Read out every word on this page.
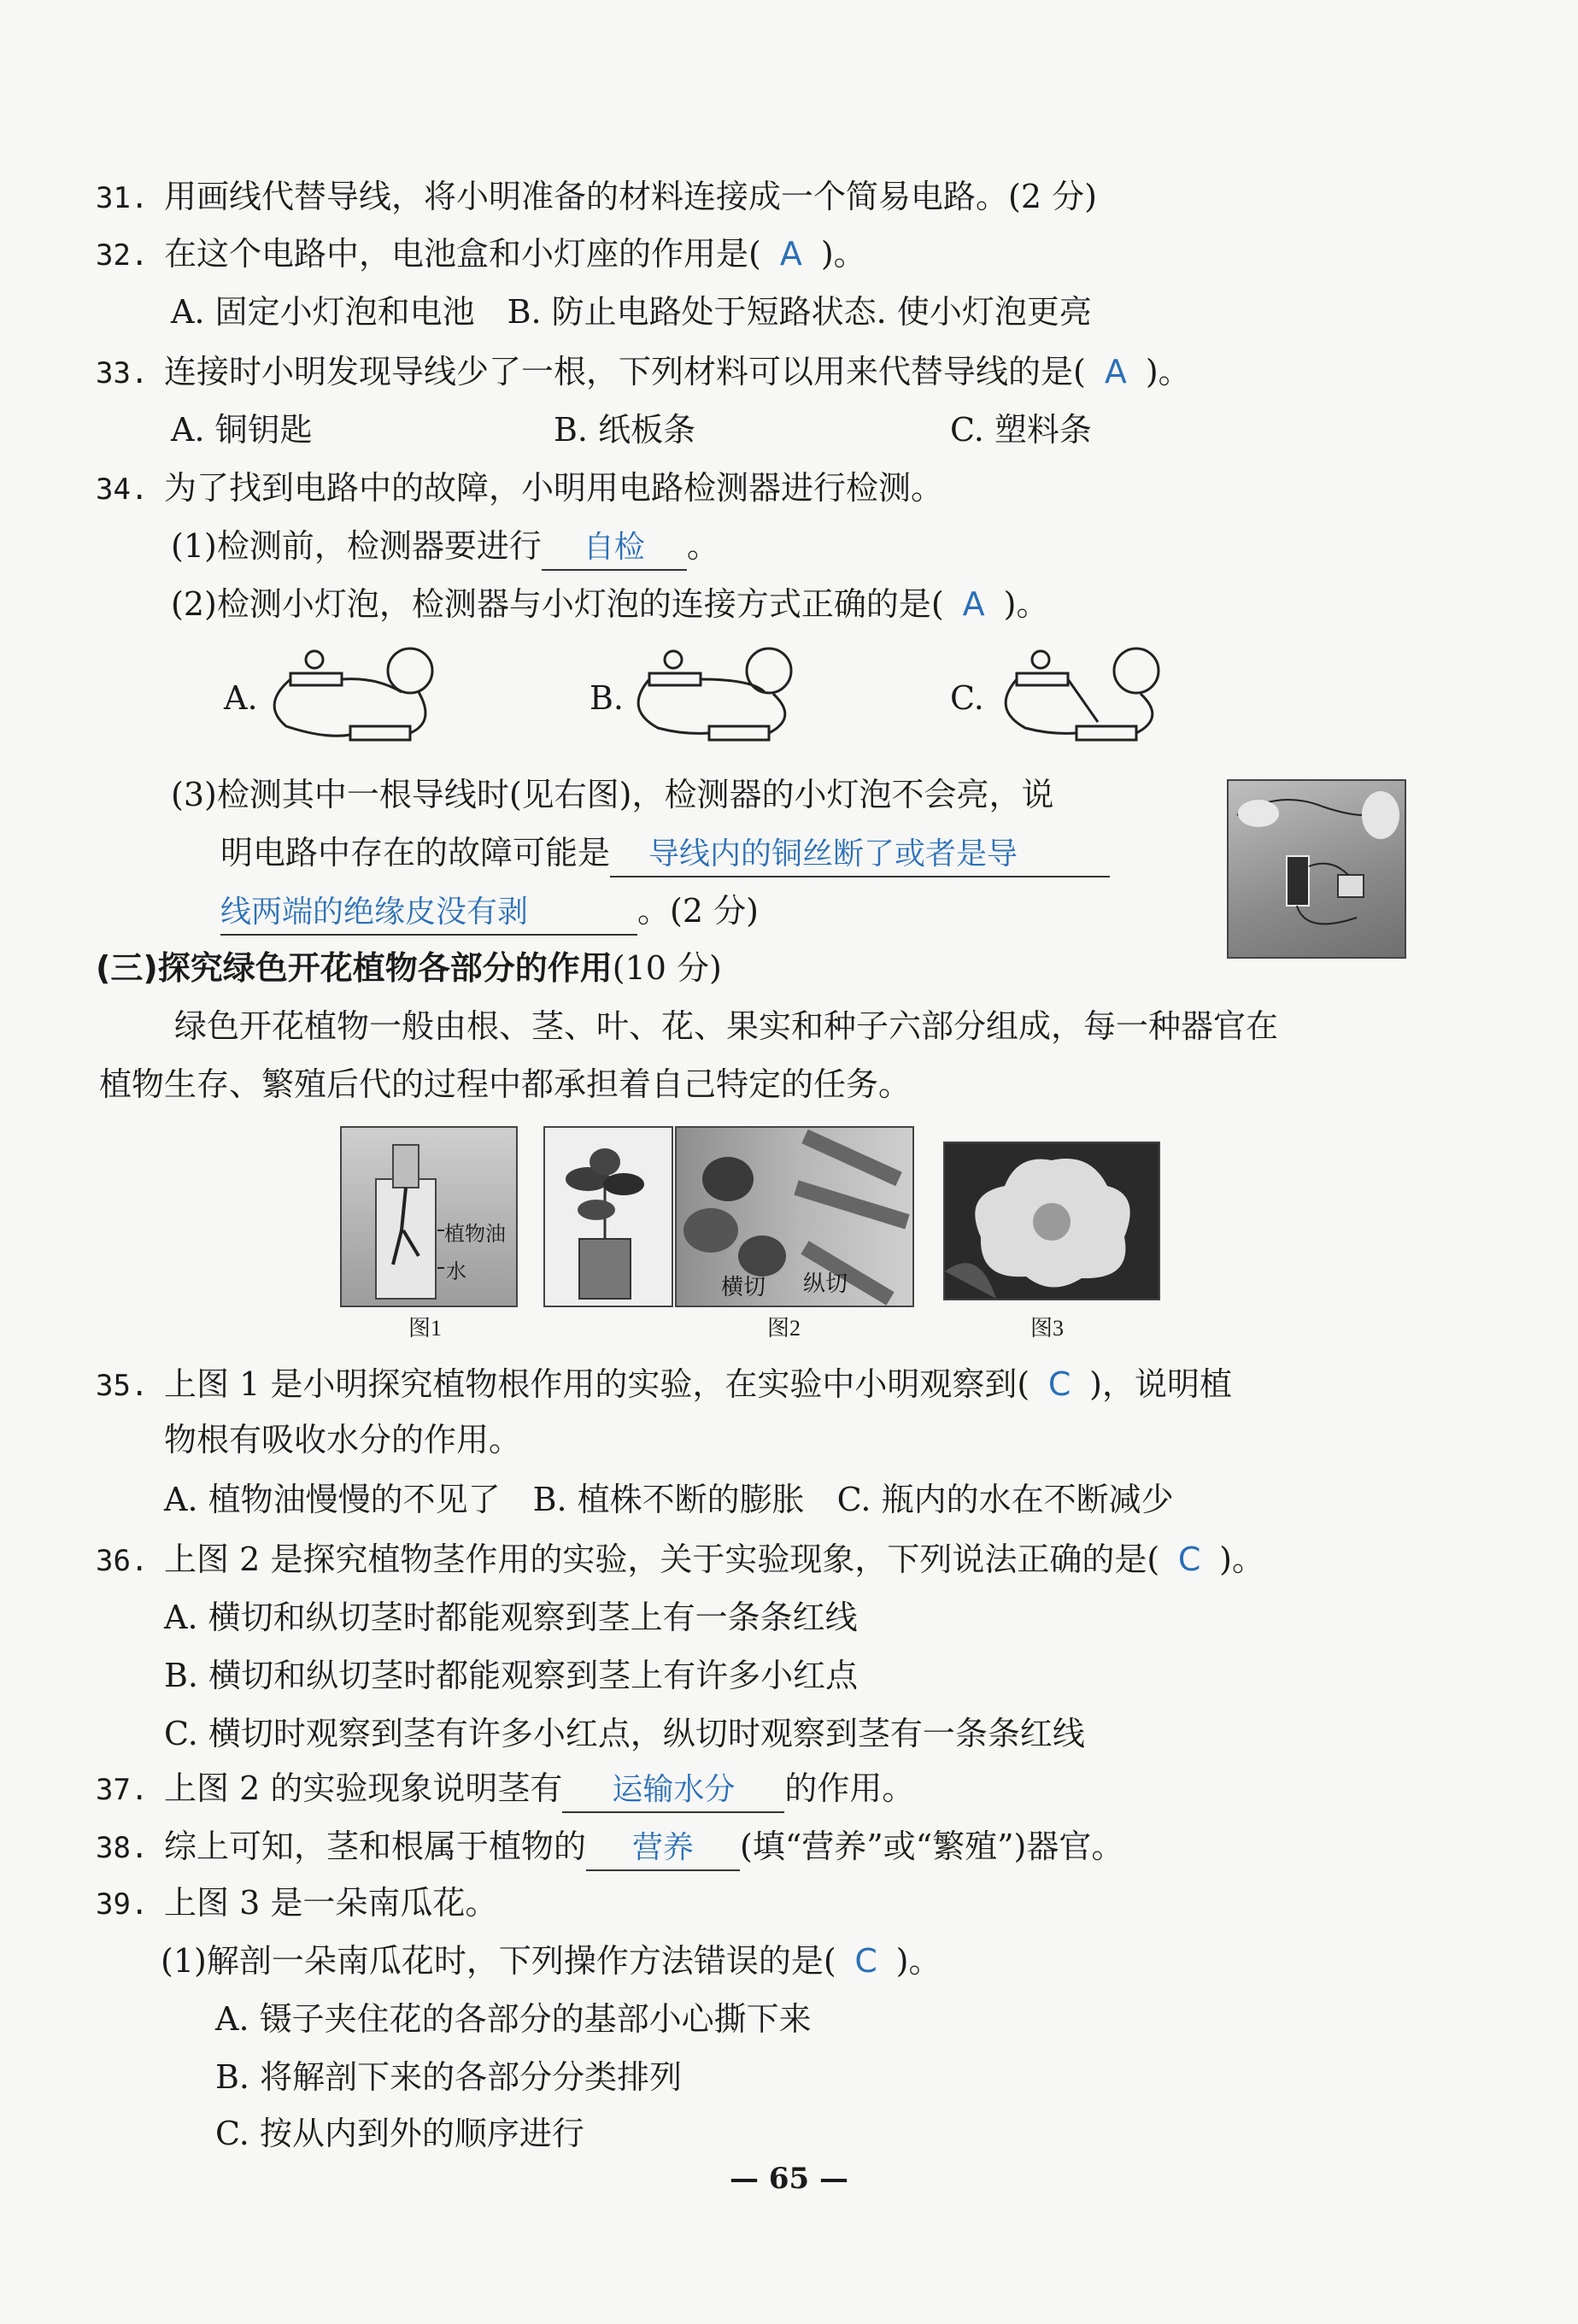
31. 用画线代替导线，将小明准备的材料连接成一个简易电路。(2 分)
32. 在这个电路中，电池盒和小灯座的作用是( A )。
A. 固定小灯泡和电池　B. 防止电路处于短路状态. 使小灯泡更亮
33. 连接时小明发现导线少了一根，下列材料可以用来代替导线的是( A )。
A. 铜钥匙	B. 纸板条	C. 塑料条
34. 为了找到电路中的故障，小明用电路检测器进行检测。
(1)检测前，检测器要进行 自检 。
(2)检测小灯泡，检测器与小灯泡的连接方式正确的是( A )。
A.	B.	C.
(3)检测其中一根导线时(见右图)，检测器的小灯泡不会亮，说
明电路中存在的故障可能是 导线内的铜丝断了或者是导
线两端的绝缘皮没有剥	。(2 分)
(三)探究绿色开花植物各部分的作用(10 分)
绿色开花植物一般由根、茎、叶、花、果实和种子六部分组成，每一种器官在
植物生存、繁殖后代的过程中都承担着自己特定的任务。
植物油
水
图1
横切 纵切
图2	图3
35. 上图 1 是小明探究植物根作用的实验，在实验中小明观察到( C )，说明植
物根有吸收水分的作用。
A. 植物油慢慢的不见了　B. 植株不断的膨胀　C. 瓶内的水在不断减少
36. 上图 2 是探究植物茎作用的实验，关于实验现象，下列说法正确的是( C )。
A. 横切和纵切茎时都能观察到茎上有一条条红线
B. 横切和纵切茎时都能观察到茎上有许多小红点
C. 横切时观察到茎有许多小红点，纵切时观察到茎有一条条红线
37. 上图 2 的实验现象说明茎有 运输水分 的作用。
38. 综上可知，茎和根属于植物的 营养 (填“营养”或“繁殖”)器官。
39. 上图 3 是一朵南瓜花。
(1)解剖一朵南瓜花时，下列操作方法错误的是( C )。
A. 镊子夹住花的各部分的基部小心撕下来
B. 将解剖下来的各部分分类排列
C. 按从内到外的顺序进行
— 65 —
